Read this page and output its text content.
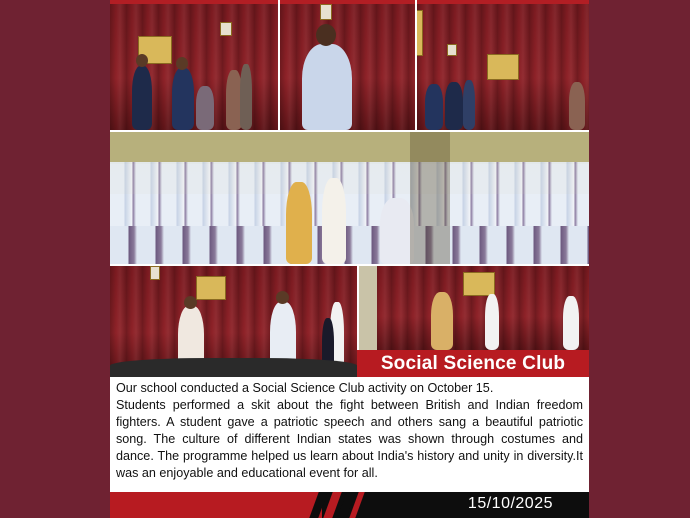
Social Science Club

Our school conducted a Social Science Club activity on October 15.

Students performed a skit about the fight between British and Indian freedom fighters. A student gave a patriotic speech and others sang a beautiful patriotic song. The culture of different Indian states was shown through costumes and dance. The programme helped us learn about India's history and unity in diversity.It was an enjoyable and educational event for all.

15/10/2025
